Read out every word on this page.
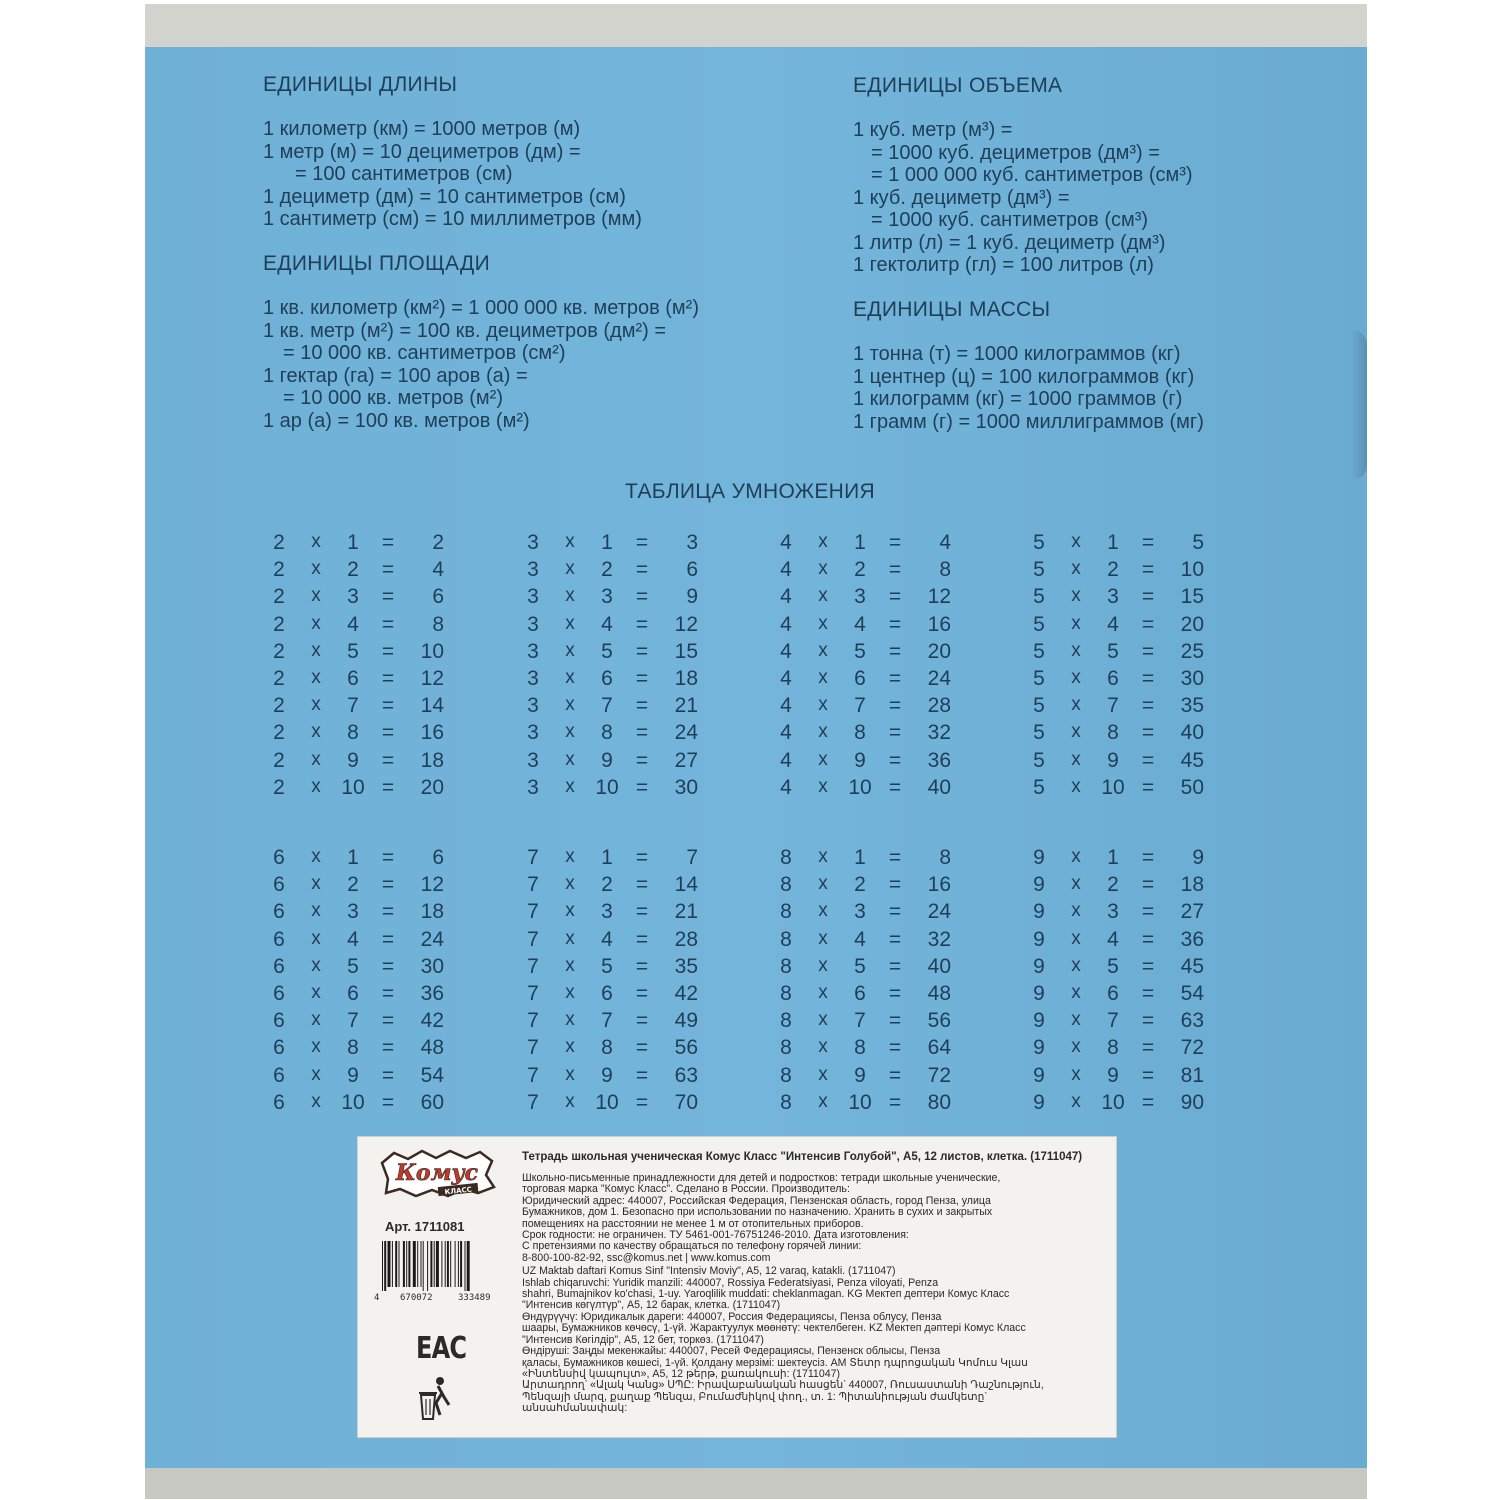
ЕДИНИЦЫ ДЛИНЫ
1 километр (км) = 1000 метров (м)
1 метр (м) = 10 дециметров (дм) =
= 100 сантиметров (см)
1 дециметр (дм) = 10 сантиметров (см)
1 сантиметр (см) = 10 миллиметров (мм)
ЕДИНИЦЫ ПЛОЩАДИ
1 кв. километр (км²) = 1 000 000 кв. метров (м²)
1 кв. метр (м²) = 100 кв. дециметров (дм²) =
= 10 000 кв. сантиметров (см²)
1 гектар (га) = 100 аров (а) =
= 10 000 кв. метров (м²)
1 ар (а) = 100 кв. метров (м²)
ЕДИНИЦЫ ОБЪЕМА
1 куб. метр (м³) =
= 1000 куб. дециметров (дм³) =
= 1 000 000 куб. сантиметров (см³)
1 куб. дециметр (дм³) =
= 1000 куб. сантиметров (см³)
1 литр (л) = 1 куб. дециметр (дм³)
1 гектолитр (гл) = 100 литров (л)
ЕДИНИЦЫ МАССЫ
1 тонна (т) = 1000 килограммов (кг)
1 центнер (ц) = 100 килограммов (кг)
1 килограмм (кг) = 1000 граммов (г)
1 грамм (г) = 1000 миллиграммов (мг)
ТАБЛИЦА УМНОЖЕНИЯ
2 х	1	=	2
2 х	2	=	4
2 х	3	=	6
2 х	4	=	8
2 х	5	=	10
2 х	6	=	12
2 х	7	=	14
2 х	8	=	16
2 х	9	=	18
2 х 10 =	20
3 х	1	=	3
3 х	2	=	6
3 х	3	=	9
3 х	4	=	12
3 х	5	=	15
3 х	6	=	18
3 х	7	=	21
3 х	8	=	24
3 х	9	=	27
3 х 10 =	30
4 х	1	=	4
4 х	2	=	8
4 х	3	=	12
4 х	4	=	16
4 х	5	=	20
4 х	6	=	24
4 х	7	=	28
4 х	8	=	32
4 х	9	=	36
4 х 10 =	40
5 х	1	=	5
5 х	2	=	10
5 х	3	=	15
5 х	4	=	20
5 х	5	=	25
5 х	6	=	30
5 х	7	=	35
5 х	8	=	40
5 х	9	=	45
5 х 10 =	50
6 х	1	=	6
6 х	2	=	12
6 х	3	=	18
6 х	4	=	24
6 х	5	=	30
6 х	6	=	36
6 х	7	=	42
6 х	8	=	48
6 х	9	=	54
6 х 10 =	60
7 х	1	=	7
7 х	2	=	14
7 х	3	=	21
7 х	4	=	28
7 х	5	=	35
7 х	6	=	42
7 х	7	=	49
7 х	8	=	56
7 х	9	=	63
7 х 10 =	70
8 х	1	=	8
8 х	2	=	16
8 х	3	=	24
8 х	4	=	32
8 х	5	=	40
8 х	6	=	48
8 х	7	=	56
8 х	8	=	64
8 х	9	=	72
8 х 10 =	80
9 х	1	=	9
9 х	2	=	18
9 х	3	=	27
9 х	4	=	36
9 х	5	=	45
9 х	6	=	54
9 х	7	=	63
9 х	8	=	72
9 х	9	=	81
9 х 10 =	90
Комус
КЛАСС
Арт. 1711081
4 670072	333489
EAC
Тетрадь школьная ученическая Комус Класс "Интенсив Голубой", А5, 12 листов, клетка. (1711047)
Школьно-письменные принадлежности для детей и подростков: тетради школьные ученические,
торговая марка "Комус Класс". Сделано в России. Производитель:
Юридический адрес: 440007, Российская Федерация, Пензенская область, город Пенза, улица
Бумажников, дом 1. Безопасно при использовании по назначению. Хранить в сухих и закрытых
помещениях на расстоянии не менее 1 м от отопительных приборов.
Срок годности: не ограничен. ТУ 5461-001-76751246-2010. Дата изготовления:
С претензиями по качеству обращаться по телефону горячей линии:
8-800-100-82-92, ssc@komus.net | www.komus.com
UZ Maktab daftari Komus Sinf "Intensiv Moviy", A5, 12 varaq, katakli. (1711047)
Ishlab chiqaruvchi: Yuridik manzili: 440007, Rossiya Federatsiyasi, Penza viloyati, Penza
shahri, Bumajnikov ko'chasi, 1-uy. Yaroqlilik muddati: cheklanmagan. KG Мектеп дептери Комус Класс
"Интенсив көгүлтүр", А5, 12 барак, клетка. (1711047)
Өндүрүүчү: Юридикалык дареги: 440007, Россия Федерациясы, Пенза облусу, Пенза
шаары, Бумажников көчөсү, 1-үй. Жарактуулук мөөнөтү: чектелбеген. KZ Мектеп дәптері Комус Класс
"Интенсив Көгілдір", А5, 12 бет, торкөз. (1711047)
Өндіруші: Заңды мекенжайы: 440007, Ресей Федерациясы, Пензенск облысы, Пенза
қаласы, Бумажников көшесі, 1-үй. Қолдану мерзімі: шектеусіз. AM Տետր դպրոցական Կոմուս Կլաս
«Ինտենսիվ կապույտ», A5, 12 թերթ, քառակուսի: (1711047)
Արտադրող՝ «Ալակ Կանց» ՍՊԸ: Իրավաբանական հասցեն՝ 440007, Ռուսաստանի Դաշնություն,
Պենզայի մարզ, քաղաք Պենզա, Բումաժնիկով փող., տ. 1: Պիտանիության ժամկետը՝
անսահմանափակ:
